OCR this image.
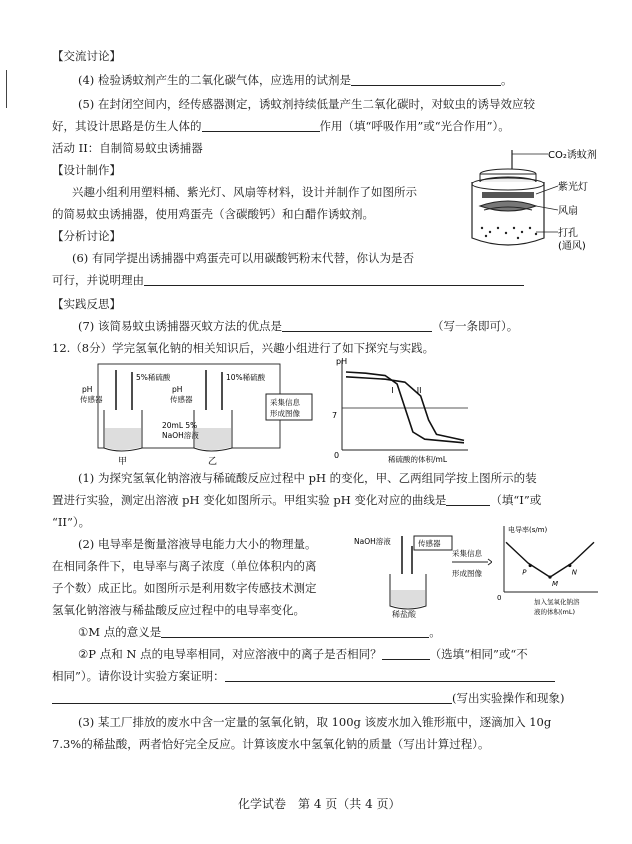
【交流讨论】
(4) 检验诱蚊剂产生的二氧化碳气体，应选用的试剂是	。
(5) 在封闭空间内，经传感器测定，诱蚊剂持续低量产生二氧化碳时，对蚊虫的诱导效应较
好，其设计思路是仿生人体的	作用（填“呼吸作用”或“光合作用”）。
活动 II：自制简易蚊虫诱捕器
【设计制作】
兴趣小组利用塑料桶、紫光灯、风扇等材料，设计并制作了如图所示
的简易蚊虫诱捕器，使用鸡蛋壳（含碳酸钙）和白醋作诱蚊剂。
【分析讨论】
(6) 有同学提出诱捕器中鸡蛋壳可以用碳酸钙粉末代替，你认为是否
可行，并说明理由
【实践反思】
(7) 该简易蚊虫诱捕器灭蚊方法的优点是	（写一条即可）。
CO₂诱蚊剂
紫光灯
风扇
打孔
(通风)
12.（8分）学完氢氧化钠的相关知识后，兴趣小组进行了如下探究与实践。
5%稀硫酸
pH
传感器
甲
10%稀硫酸
pH
传感器
20mL 5%
NaOH溶液
乙
采集信息
形成图像
pH
7
0	稀硫酸的体积/mL
I	II
(1) 为探究氢氧化钠溶液与稀硫酸反应过程中 pH 的变化，甲、乙两组同学按上图所示的装
置进行实验，测定出溶液 pH 变化如图所示。甲组实验 pH 变化对应的曲线是	（填“I”或
“II”）。
(2) 电导率是衡量溶液导电能力大小的物理量。
在相同条件下，电导率与离子浓度（单位体积内的离
子个数）成正比。如图所示是利用数字传感技术测定
氢氧化钠溶液与稀盐酸反应过程中的电导率变化。
NaOH溶液	传感器
采集信息
形成图像
稀盐酸
电导率(s/m)
0	加入氢氧化钠溶
液的体积(mL)
P
M
N
①M 点的意义是	。
②P 点和 N 点的电导率相同，对应溶液中的离子是否相同？	（选填“相同”或“不
相同”）。请你设计实验方案证明：
(写出实验操作和现象)
(3) 某工厂排放的废水中含一定量的氢氧化钠，取 100g 该废水加入锥形瓶中，逐滴加入 10g
7.3%的稀盐酸，两者恰好完全反应。计算该废水中氢氧化钠的质量（写出计算过程）。
化学试卷　第 4 页（共 4 页）
